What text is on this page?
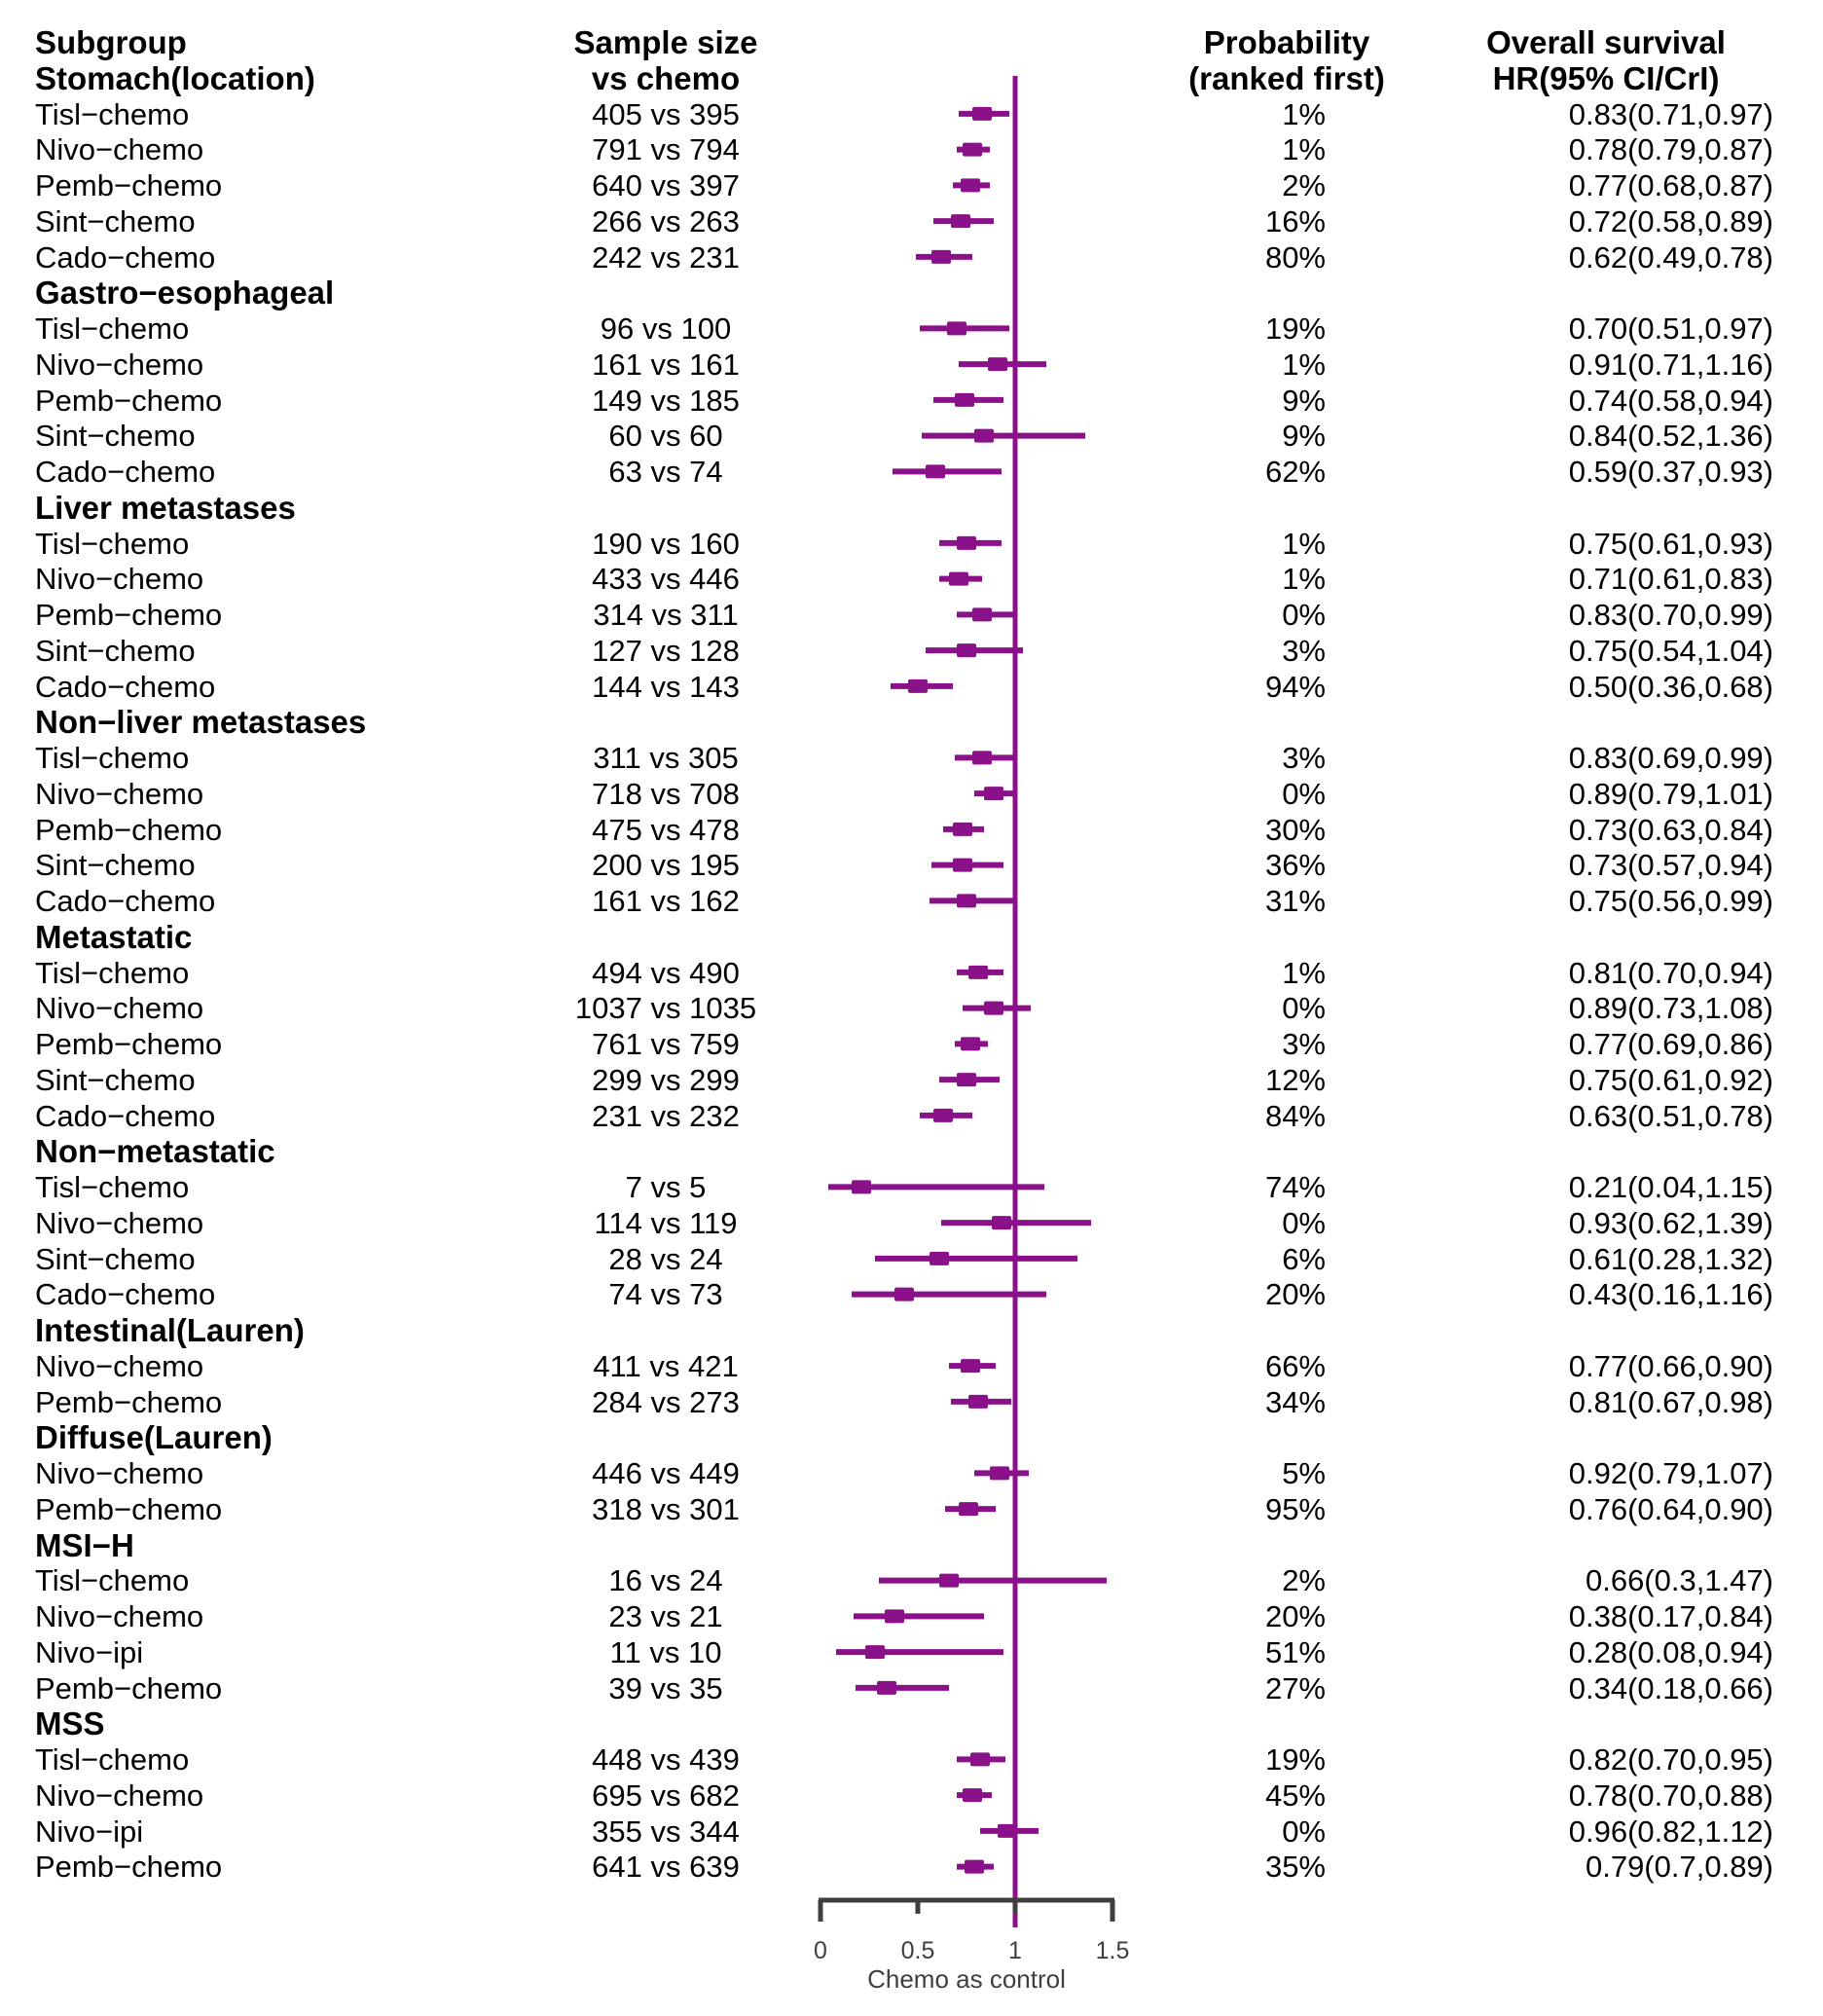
0	0.5	1	1.5
Subgroup	Sample size	Probability	Overall survival
Stomach(location)	vs chemo	(ranked first)	HR(95% CI/CrI)
Tisl−chemo	405 vs 395	1%	0.83(0.71,0.97)
Nivo−chemo	791 vs 794	1%	0.78(0.79,0.87)
Pemb−chemo	640 vs 397	2%	0.77(0.68,0.87)
Sint−chemo	266 vs 263	16%	0.72(0.58,0.89)
Cado−chemo	242 vs 231	80%	0.62(0.49,0.78)
Gastro−esophageal
Tisl−chemo	96 vs 100	19%	0.70(0.51,0.97)
Nivo−chemo	161 vs 161	1%	0.91(0.71,1.16)
Pemb−chemo	149 vs 185	9%	0.74(0.58,0.94)
Sint−chemo	60 vs 60	9%	0.84(0.52,1.36)
Cado−chemo	63 vs 74	62%	0.59(0.37,0.93)
Liver metastases
Tisl−chemo	190 vs 160	1%	0.75(0.61,0.93)
Nivo−chemo	433 vs 446	1%	0.71(0.61,0.83)
Pemb−chemo	314 vs 311	0%	0.83(0.70,0.99)
Sint−chemo	127 vs 128	3%	0.75(0.54,1.04)
Cado−chemo	144 vs 143	94%	0.50(0.36,0.68)
Non−liver metastases
Tisl−chemo	311 vs 305	3%	0.83(0.69,0.99)
Nivo−chemo	718 vs 708	0%	0.89(0.79,1.01)
Pemb−chemo	475 vs 478	30%	0.73(0.63,0.84)
Sint−chemo	200 vs 195	36%	0.73(0.57,0.94)
Cado−chemo	161 vs 162	31%	0.75(0.56,0.99)
Metastatic
Tisl−chemo	494 vs 490	1%	0.81(0.70,0.94)
Nivo−chemo	1037 vs 1035	0%	0.89(0.73,1.08)
Pemb−chemo	761 vs 759	3%	0.77(0.69,0.86)
Sint−chemo	299 vs 299	12%	0.75(0.61,0.92)
Cado−chemo	231 vs 232	84%	0.63(0.51,0.78)
Non−metastatic
Tisl−chemo	7 vs 5	74%	0.21(0.04,1.15)
Nivo−chemo	114 vs 119	0%	0.93(0.62,1.39)
Sint−chemo	28 vs 24	6%	0.61(0.28,1.32)
Cado−chemo	74 vs 73	20%	0.43(0.16,1.16)
Intestinal(Lauren)
Nivo−chemo	411 vs 421	66%	0.77(0.66,0.90)
Pemb−chemo	284 vs 273	34%	0.81(0.67,0.98)
Diffuse(Lauren)
Nivo−chemo	446 vs 449	5%	0.92(0.79,1.07)
Pemb−chemo	318 vs 301	95%	0.76(0.64,0.90)
MSI−H
Tisl−chemo	16 vs 24	2%	0.66(0.3,1.47)
Nivo−chemo	23 vs 21	20%	0.38(0.17,0.84)
Nivo−ipi	11 vs 10	51%	0.28(0.08,0.94)
Pemb−chemo	39 vs 35	27%	0.34(0.18,0.66)
MSS
Tisl−chemo	448 vs 439	19%	0.82(0.70,0.95)
Nivo−chemo	695 vs 682	45%	0.78(0.70,0.88)
Nivo−ipi	355 vs 344	0%	0.96(0.82,1.12)
Pemb−chemo	641 vs 639	35%	0.79(0.7,0.89)
Chemo as control
